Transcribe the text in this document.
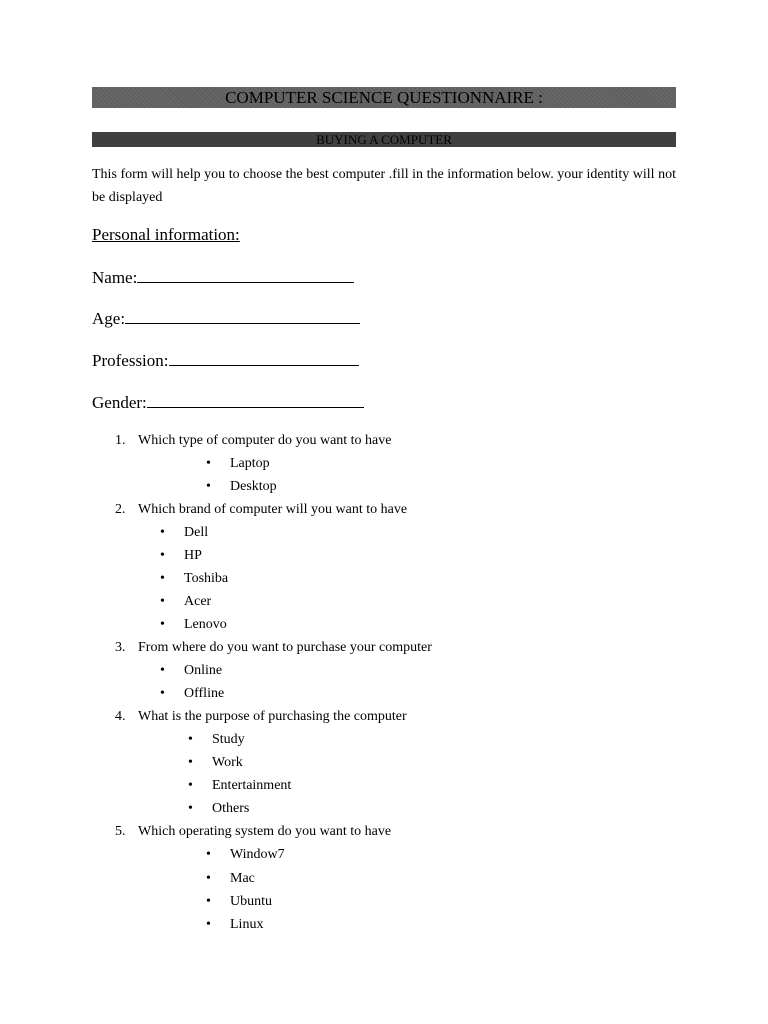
COMPUTER SCIENCE QUESTIONNAIRE :
BUYING A COMPUTER
This form will help you to choose the best computer .fill in the information below. your identity will not be displayed
Personal information:
Name:
Age:
Profession:
Gender:
1. Which type of computer do you want to have
• Laptop
• Desktop
2. Which brand of computer will you want to have
• Dell
• HP
• Toshiba
• Acer
• Lenovo
3. From where do you want to purchase your computer
• Online
• Offline
4. What is the purpose of purchasing the computer
• Study
• Work
• Entertainment
• Others
5. Which operating system do you want to have
• Window7
• Mac
• Ubuntu
• Linux
